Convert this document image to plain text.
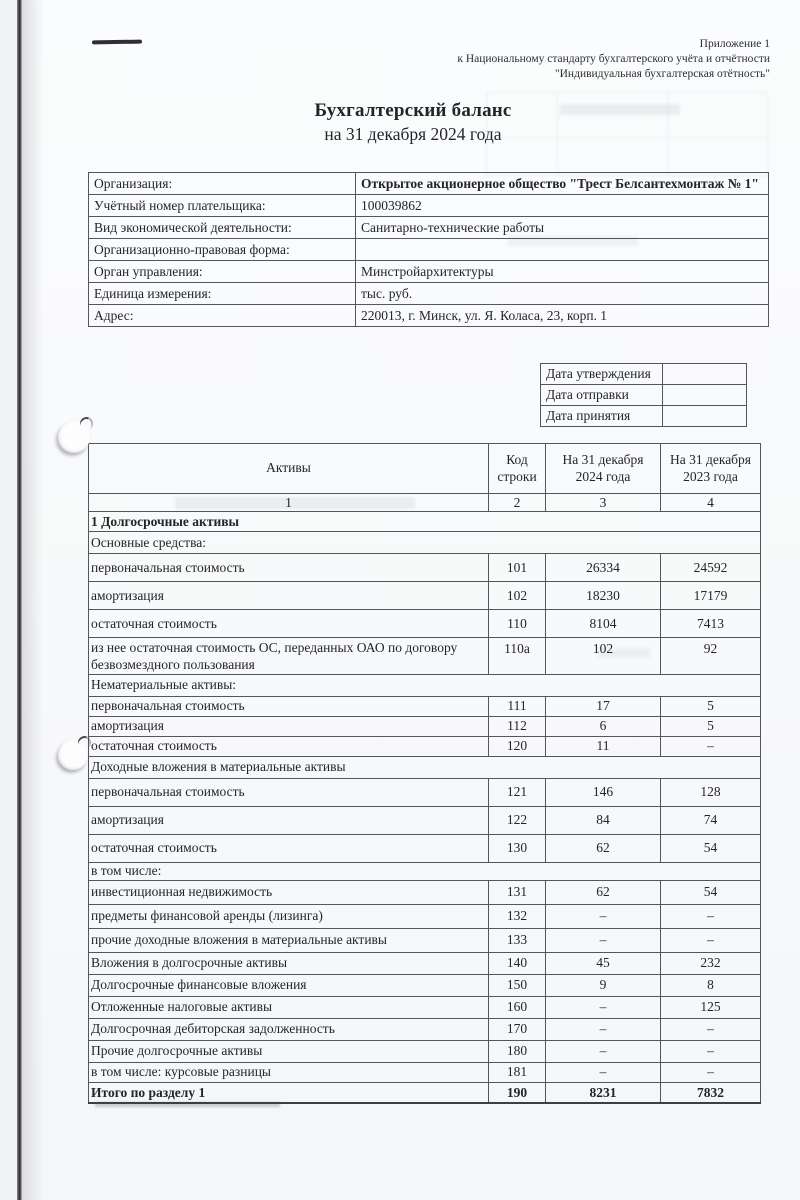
Приложение 1
к Национальному стандарту бухгалтерского учёта и отчётности
"Индивидуальная бухгалтерская отётность"
Бухгалтерский баланс
на 31 декабря 2024 года
Организация:	Открытое акционерное общество "Трест Белсантехмонтаж № 1"
Учётный номер плательщика:	100039862
Вид экономической деятельности:	Санитарно-технические работы
Организационно-правовая форма:	
Орган управления:	Минстройархитектуры
Единица измерения:	тыс. руб.
Адрес:	220013, г. Минск, ул. Я. Коласа, 23, корп. 1
Дата утверждения	
Дата отправки	
Дата принятия	
Активы	Код строки	На 31 декабря 2024 года	На 31 декабря 2023 года
1	2	3	4
1 Долгосрочные активы			
Основные средства:			
первоначальная стоимость	101	26334	24592
амортизация	102	18230	17179
остаточная стоимость	110	8104	7413
из нее остаточная стоимость ОС, переданных ОАО по договору безвозмездного пользования	110а	102	92
Нематериальные активы:			
первоначальная стоимость	111	17	5
амортизация	112	6	5
остаточная стоимость	120	11	–
Доходные вложения в материальные активы			
первоначальная стоимость	121	146	128
амортизация	122	84	74
остаточная стоимость	130	62	54
в том числе:			
инвестиционная недвижимость	131	62	54
предметы финансовой аренды (лизинга)	132	–	–
прочие доходные вложения в материальные активы	133	–	–
Вложения в долгосрочные активы	140	45	232
Долгосрочные финансовые вложения	150	9	8
Отложенные налоговые активы	160	–	125
Долгосрочная дебиторская задолженность	170	–	–
Прочие долгосрочные активы	180	–	–
в том числе: курсовые разницы	181	–	–
Итого по разделу 1	190	8231	7832
